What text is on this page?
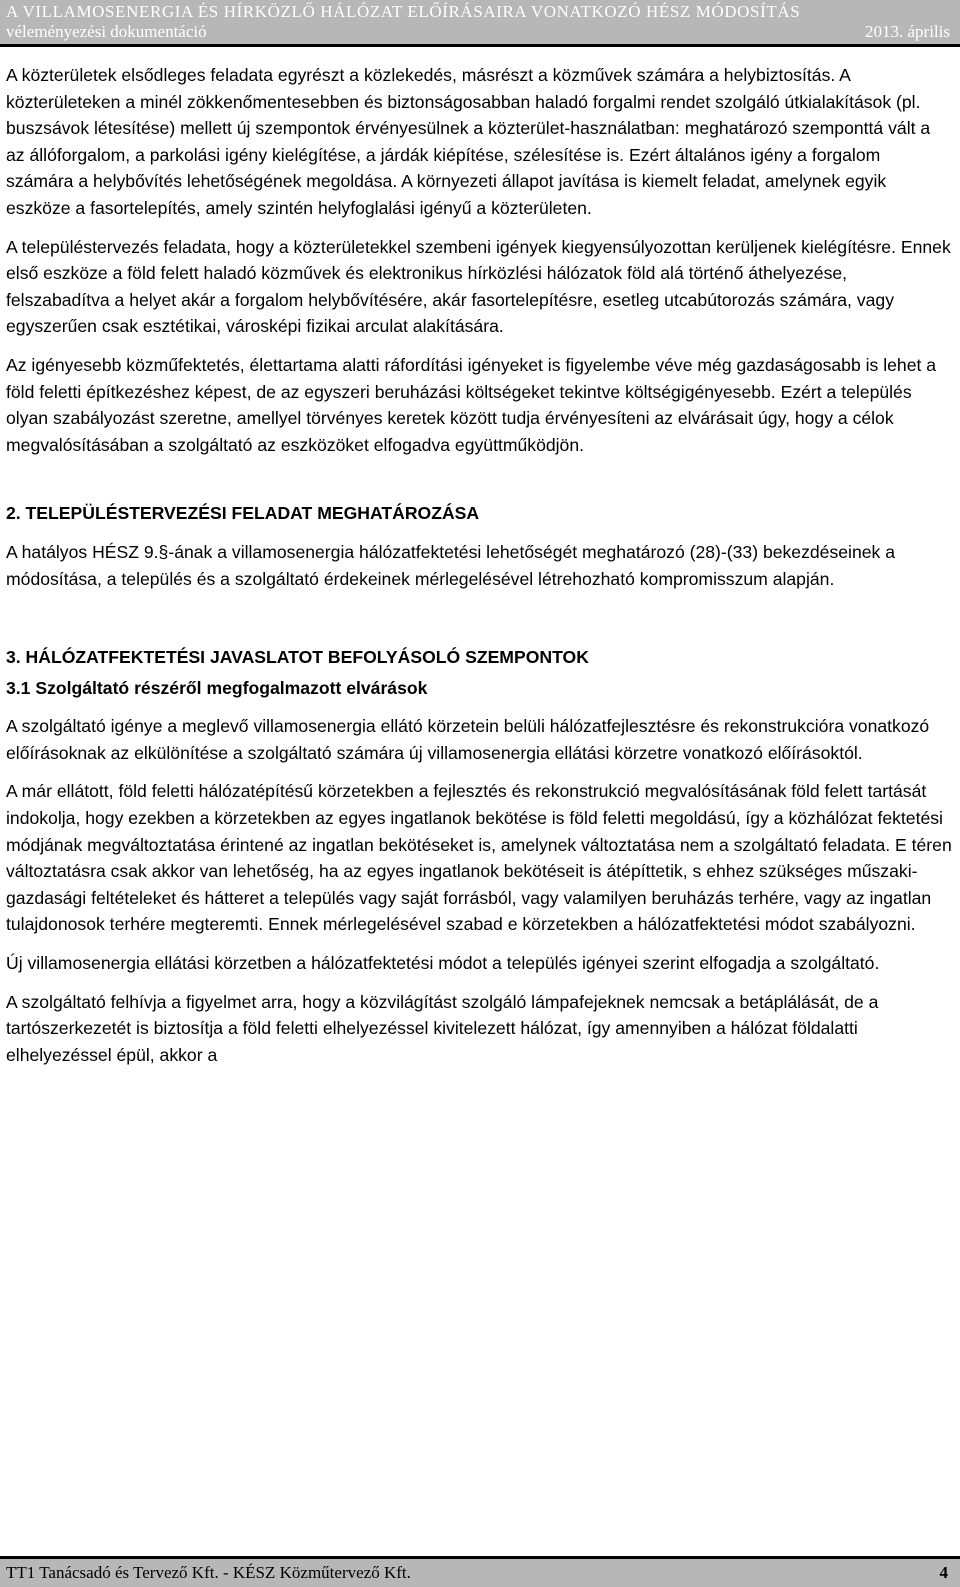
A VILLAMOSENERGIA ÉS HÍRKÖZLŐ HÁLÓZAT ELŐÍRÁSAIRA VONATKOZÓ HÉSZ MÓDOSÍTÁS
véleményezési dokumentáció	2013. április

A közterületek elsődleges feladata egyrészt a közlekedés, másrészt a közművek számára a helybiztosítás. A közterületeken a minél zökkenőmentesebben és biztonságosabban haladó forgalmi rendet szolgáló útkialakítások (pl. buszsávok létesítése) mellett új szempontok érvényesülnek a közterület-használatban: meghatározó szemponttá vált a az állóforgalom, a parkolási igény kielégítése, a járdák kiépítése, szélesítése is. Ezért általános igény a forgalom számára a helybővítés lehetőségének megoldása. A környezeti állapot javítása is kiemelt feladat, amelynek egyik eszköze a fasortelepítés, amely szintén helyfoglalási igényű a közterületen.

A településtervezés feladata, hogy a közterületekkel szembeni igények kiegyensúlyozottan kerüljenek kielégítésre. Ennek első eszköze a föld felett haladó közművek és elektronikus hírközlési hálózatok föld alá történő áthelyezése, felszabadítva a helyet akár a forgalom helybővítésére, akár fasortelepítésre, esetleg utcabútorozás számára, vagy egyszerűen csak esztétikai, városképi fizikai arculat alakítására.

Az igényesebb közműfektetés, élettartama alatti ráfordítási igényeket is figyelembe véve még gazdaságosabb is lehet a föld feletti építkezéshez képest, de az egyszeri beruházási költségeket tekintve költségigényesebb. Ezért a település olyan szabályozást szeretne, amellyel törvényes keretek között tudja érvényesíteni az elvárásait úgy, hogy a célok megvalósításában a szolgáltató az eszközöket elfogadva együttműködjön.

2. TELEPÜLÉSTERVEZÉSI FELADAT MEGHATÁROZÁSA

A hatályos HÉSZ 9.§-ának a villamosenergia hálózatfektetési lehetőségét meghatározó (28)-(33) bekezdéseinek a módosítása, a település és a szolgáltató érdekeinek mérlegelésével létrehozható kompromisszum alapján.

3. HÁLÓZATFEKTETÉSI JAVASLATOT BEFOLYÁSOLÓ SZEMPONTOK
3.1 Szolgáltató részéről megfogalmazott elvárások

A szolgáltató igénye a meglevő villamosenergia ellátó körzetein belüli hálózatfejlesztésre és rekonstrukcióra vonatkozó előírásoknak az elkülönítése a szolgáltató számára új villamosenergia ellátási körzetre vonatkozó előírásoktól.

A már ellátott, föld feletti hálózatépítésű körzetekben a fejlesztés és rekonstrukció megvalósításának föld felett tartását indokolja, hogy ezekben a körzetekben az egyes ingatlanok bekötése is föld feletti megoldású, így a közhálózat fektetési módjának megváltoztatása érintené az ingatlan bekötéseket is, amelynek változtatása nem a szolgáltató feladata. E téren változtatásra csak akkor van lehetőség, ha az egyes ingatlanok bekötéseit is átépíttetik, s ehhez szükséges műszaki-gazdasági feltételeket és hátteret a település vagy saját forrásból, vagy valamilyen beruházás terhére, vagy az ingatlan tulajdonosok terhére megteremti. Ennek mérlegelésével szabad e körzetekben a hálózatfektetési módot szabályozni.

Új villamosenergia ellátási körzetben a hálózatfektetési módot a település igényei szerint elfogadja a szolgáltató.

A szolgáltató felhívja a figyelmet arra, hogy a közvilágítást szolgáló lámpafejeknek nemcsak a betáplálását, de a tartószerkezetét is biztosítja a föld feletti elhelyezéssel kivitelezett hálózat, így amennyiben a hálózat földalatti elhelyezéssel épül, akkor a

TT1 Tanácsadó és Tervező Kft. - KÉSZ Közműtervező Kft.	4
